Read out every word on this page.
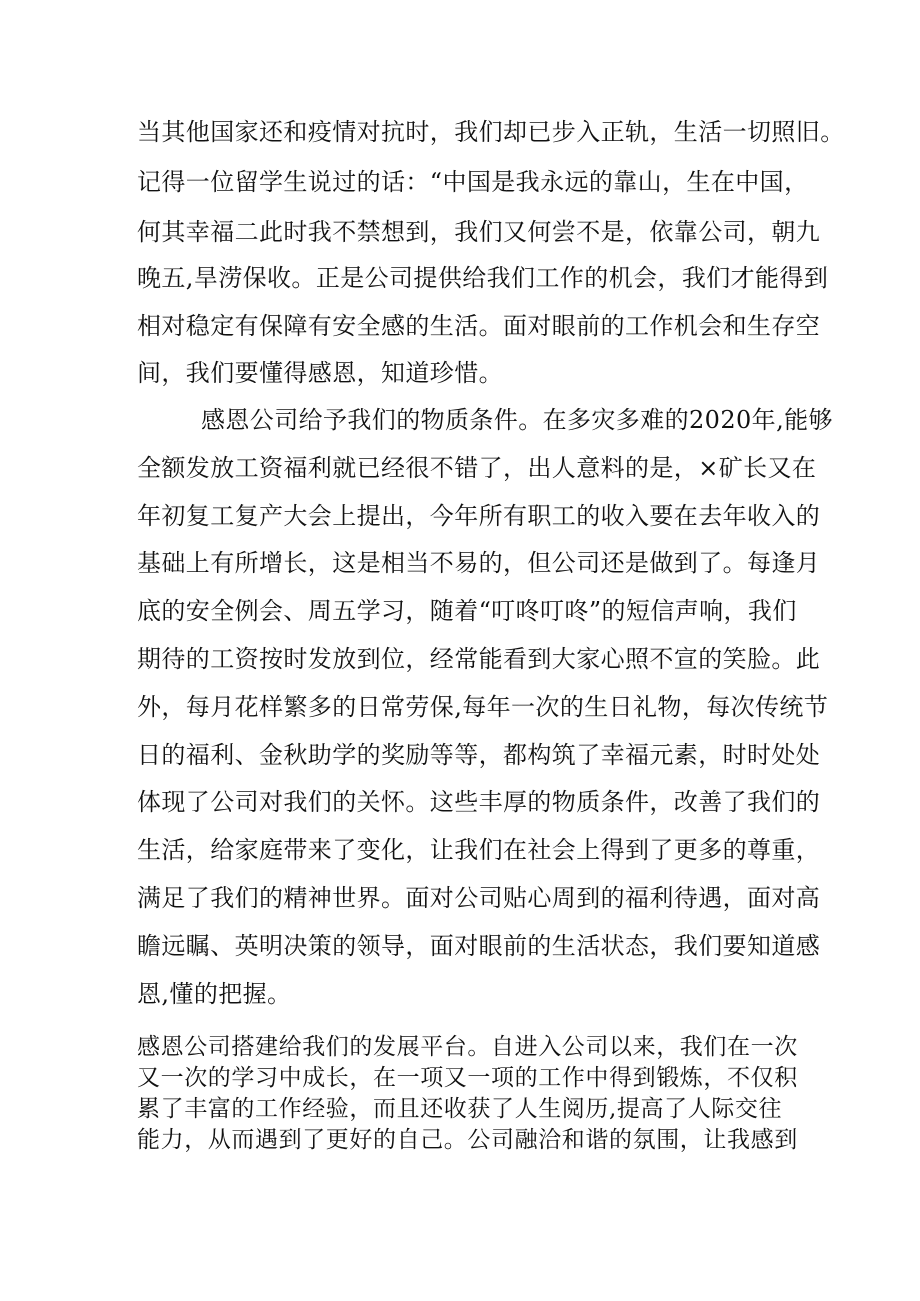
当其他国家还和疫情对抗时，我们却已步入正轨，生活一切照旧。
记得一位留学生说过的话：“中国是我永远的靠山，生在中国，
何其幸福二此时我不禁想到，我们又何尝不是，依靠公司，朝九
晚五,旱涝保收。正是公司提供给我们工作的机会，我们才能得到
相对稳定有保障有安全感的生活。面对眼前的工作机会和生存空
间，我们要懂得感恩，知道珍惜。
感恩公司给予我们的物质条件。在多灾多难的2020年,能够
全额发放工资福利就已经很不错了，出人意料的是，×矿长又在
年初复工复产大会上提出，今年所有职工的收入要在去年收入的
基础上有所增长，这是相当不易的，但公司还是做到了。每逢月
底的安全例会、周五学习，随着“叮咚叮咚”的短信声响，我们
期待的工资按时发放到位，经常能看到大家心照不宣的笑脸。此
外，每月花样繁多的日常劳保,每年一次的生日礼物，每次传统节
日的福利、金秋助学的奖励等等，都构筑了幸福元素，时时处处
体现了公司对我们的关怀。这些丰厚的物质条件，改善了我们的
生活，给家庭带来了变化，让我们在社会上得到了更多的尊重，
满足了我们的精神世界。面对公司贴心周到的福利待遇，面对高
瞻远瞩、英明决策的领导，面对眼前的生活状态，我们要知道感
恩,懂的把握。
感恩公司搭建给我们的发展平台。自进入公司以来，我们在一次
又一次的学习中成长，在一项又一项的工作中得到锻炼，不仅积
累了丰富的工作经验，而且还收获了人生阅历,提高了人际交往
能力，从而遇到了更好的自己。公司融洽和谐的氛围，让我感到
